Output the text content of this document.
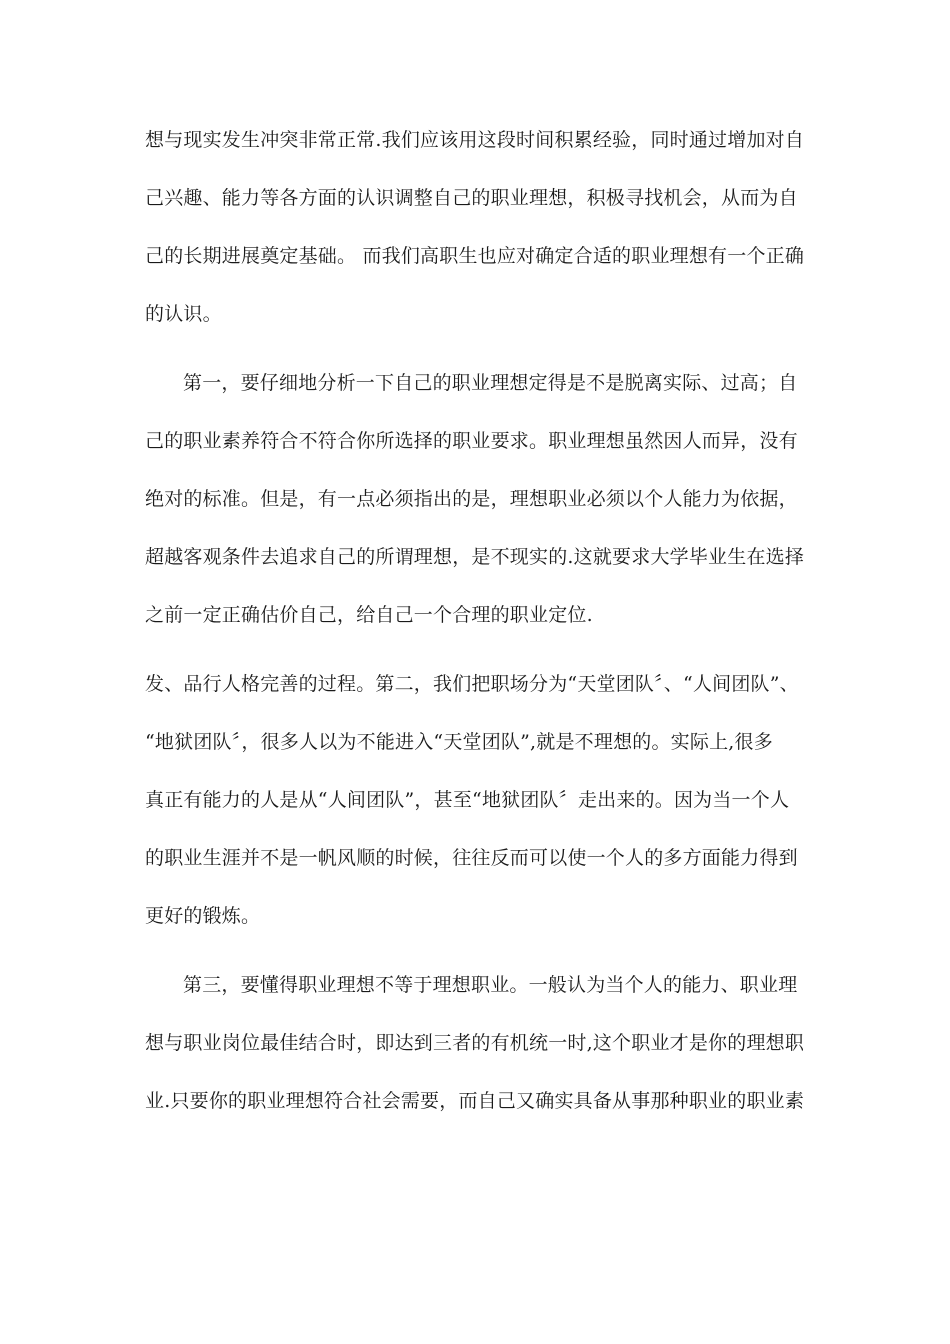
想与现实发生冲突非常正常.我们应该用这段时间积累经验，同时通过增加对自
己兴趣、能力等各方面的认识调整自己的职业理想，积极寻找机会，从而为自
己的长期进展奠定基础。 而我们高职生也应对确定合适的职业理想有一个正确
的认识。
第一，要仔细地分析一下自己的职业理想定得是不是脱离实际、过高；自
己的职业素养符合不符合你所选择的职业要求。职业理想虽然因人而异，没有
绝对的标准。但是，有一点必须指出的是，理想职业必须以个人能力为依据，
超越客观条件去追求自己的所谓理想，是不现实的.这就要求大学毕业生在选择
之前一定正确估价自己，给自己一个合理的职业定位.
发、品行人格完善的过程。第二，我们把职场分为“天堂团队〞、“人间团队”、
“地狱团队〞，很多人以为不能进入“天堂团队”,就是不理想的。实际上,很多
真正有能力的人是从“人间团队”，甚至“地狱团队〞走出来的。因为当一个人
的职业生涯并不是一帆风顺的时候，往往反而可以使一个人的多方面能力得到
更好的锻炼。
第三，要懂得职业理想不等于理想职业。一般认为当个人的能力、职业理
想与职业岗位最佳结合时，即达到三者的有机统一时,这个职业才是你的理想职
业.只要你的职业理想符合社会需要，而自己又确实具备从事那种职业的职业素
